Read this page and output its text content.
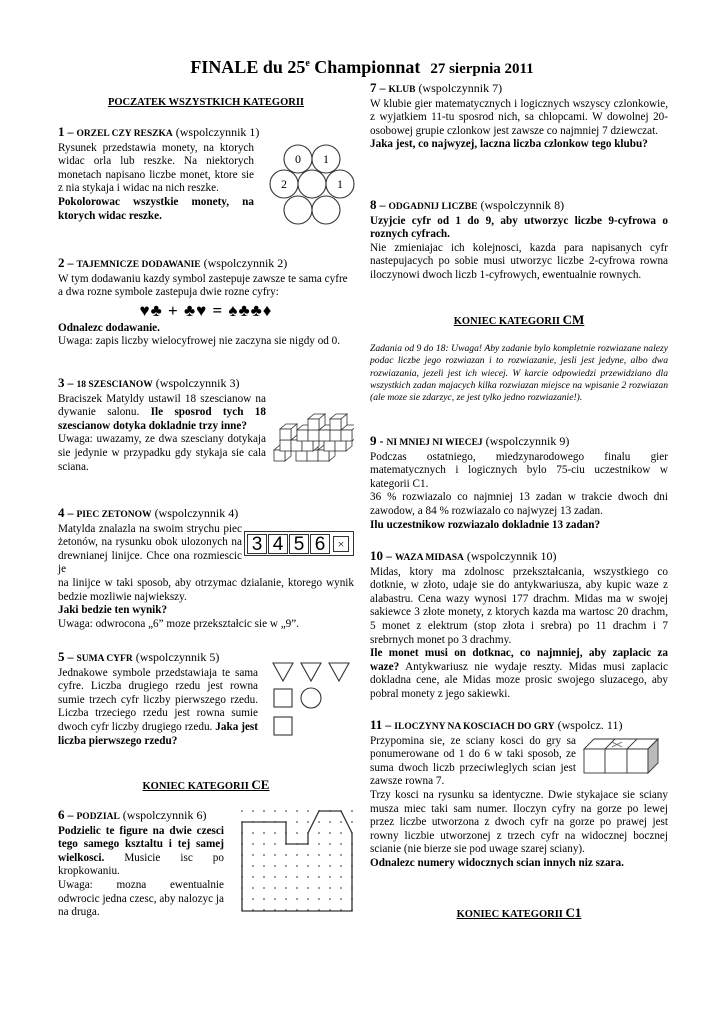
FINALE du 25e Championnat 27 sierpnia 2011
POCZATEK WSZYSTKICH KATEGORII
1 – ORZEL CZY RESZKA (wspolczynnik 1)
Rysunek przedstawia monety, na ktorych widac orla lub reszke. Na niektorych monetach napisano liczbe monet, ktore sie z nia stykaja i widac na nich reszke.
Pokolorowac wszystkie monety, na ktorych widac reszke.
0 1
2	1
2 – TAJEMNICZE DODAWANIE (wspolczynnik 2)
W tym dodawaniu kazdy symbol zastepuje zawsze te sama cyfre a dwa rozne symbole zastepuja dwie rozne cyfry:
♥♣ + ♣♥ = ♠♣♣♦
Odnalezc dodawanie.
Uwaga: zapis liczby wielocyfrowej nie zaczyna sie nigdy od 0.
3 – 18 SZESCIANOW (wspolczynnik 3)
Braciszek Matyldy ustawil 18 szescianow na dywanie salonu. Ile sposrod tych 18 szescianow dotyka dokladnie trzy inne?
Uwaga: uwazamy, ze dwa szesciany dotykaja sie jedynie w przypadku gdy stykaja sie cala sciana.
4 – PIEC ZETONOW (wspolczynnik 4)
Matylda znalazla na swoim strychu piec żetonów, na rysunku obok ulozonych na drewnianej linijce. Chce ona rozmiescic je
na linijce w taki sposob, aby otrzymac dzialanie, ktorego wynik bedzie mozliwie najwiekszy.
Jaki bedzie ten wynik?
Uwaga: odwrocona „6” moze przekształcic sie w „9”.
3 4 5 6	×
5 – SUMA CYFR (wspolczynnik 5)
Jednakowe symbole przedstawiaja te sama cyfre. Liczba drugiego rzedu jest rowna sumie trzech cyfr liczby pierwszego rzedu. Liczba trzeciego rzedu jest rowna sumie dwoch cyfr liczby drugiego rzedu. Jaka jest liczba pierwszego rzedu?
KONIEC KATEGORII CE
6 – PODZIAL (wspolczynnik 6)
Podzielic te figure na dwie czesci tego samego ksztaltu i tej samej wielkosci. Musicie isc po kropkowaniu.
Uwaga: mozna ewentualnie odwrocic jedna czesc, aby nalozyc ja na druga.
7 – KLUB (wspolczynnik 7)
W klubie gier matematycznych i logicznych wszyscy czlonkowie, z wyjatkiem 11-tu sposrod nich, sa chlopcami. W dowolnej 20-osobowej grupie czlonkow jest zawsze co najmniej 7 dziewczat.
Jaka jest, co najwyzej, laczna liczba czlonkow tego klubu?
8 – ODGADNIJ LICZBE (wspolczynnik 8)
Uzyjcie cyfr od 1 do 9, aby utworzyc liczbe 9-cyfrowa o roznych cyfrach.
Nie zmieniajac ich kolejnosci, kazda para napisanych cyfr nastepujacych po sobie musi utworzyc liczbe 2-cyfrowa rowna iloczynowi dwoch liczb 1-cyfrowych, ewentualnie rownych.
KONIEC KATEGORII CM
Zadania od 9 do 18: Uwaga! Aby zadanie bylo kompletnie rozwiazane nalezy podac liczbe jego rozwiazan i to rozwiazanie, jesli jest jedyne, albo dwa rozwiazania, jezeli jest ich wiecej. W karcie odpowiedzi przewidziano dla wszystkich zadan majacych kilka rozwiazan miejsce na wpisanie 2 rozwiazan (ale moze sie zdarzyc, ze jest tylko jedno rozwiazanie!).
9 - NI MNIEJ NI WIECEJ (wspolczynnik 9)
Podczas ostatniego, miedzynarodowego finalu gier matematycznych i logicznych bylo 75-ciu uczestnikow w kategorii C1.
36 % rozwiazalo co najmniej 13 zadan w trakcie dwoch dni zawodow, a 84 % rozwiazalo co najwyzej 13 zadan.
Ilu uczestnikow rozwiazalo dokladnie 13 zadan?
10 – WAZA MIDASA (wspolczynnik 10)
Midas, ktory ma zdolnosc przekształcania, wszystkiego co dotknie, w złoto, udaje sie do antykwariusza, aby kupic waze z alabastru. Cena wazy wynosi 177 drachm. Midas ma w swojej sakiewce 3 złote monety, z ktorych kazda ma wartosc 20 drachm, 5 monet z elektrum (stop złota i srebra) po 11 drachm i 7 srebrnych monet po 3 drachmy.
Ile monet musi on dotknac, co najmniej, aby zaplacic za waze? Antykwariusz nie wydaje reszty. Midas musi zaplacic dokladna cene, ale Midas moze prosic swojego sluzacego, aby pobral monety z jego sakiewki.
11 – ILOCZYNY NA KOSCIACH DO GRY (wspolcz. 11)
Przypomina sie, ze sciany kosci do gry sa ponumerowane od 1 do 6 w taki sposob, ze suma dwoch liczb przeciwleglych scian jest zawsze rowna 7.
Trzy kosci na rysunku sa identyczne. Dwie stykajace sie sciany musza miec taki sam numer. Iloczyn cyfry na gorze po lewej przez liczbe utworzona z dwoch cyfr na gorze po prawej jest rowny liczbie utworzonej z trzech cyfr na widocznej bocznej scianie (nie bierze sie pod uwage szarej sciany).
Odnalezc numery widocznych scian innych niz szara.
KONIEC KATEGORII C1
